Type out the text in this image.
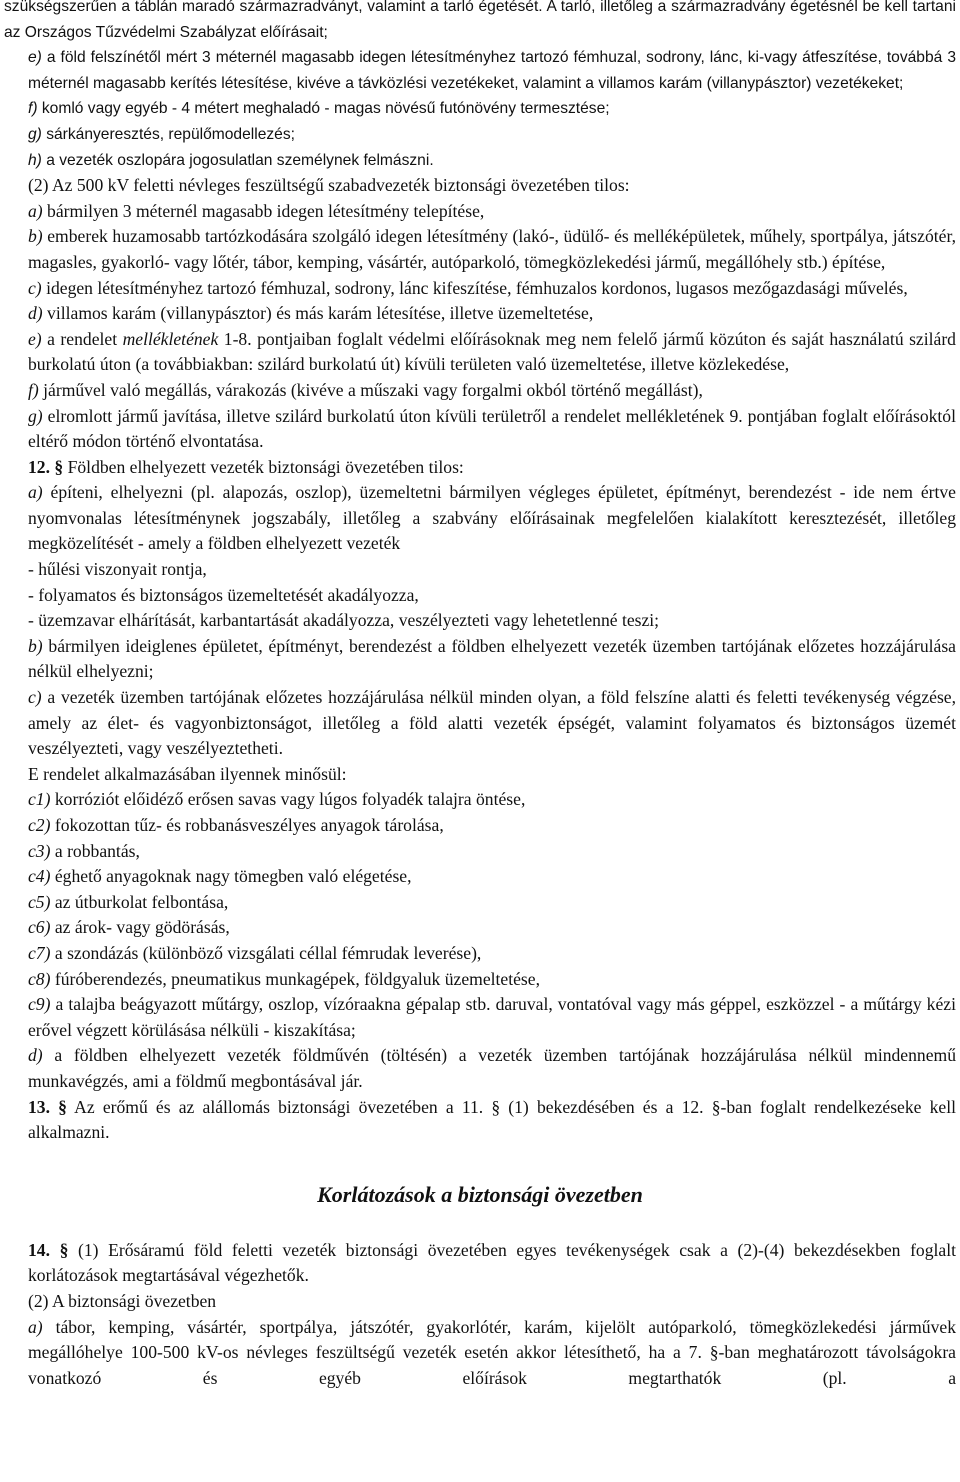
szükségszerűen a táblán maradó származradványt, valamint a tarló égetését. A tarló, illetőleg a származradvány égetésnél be kell tartani az Országos Tűzvédelmi Szabályzat előírásait;

e) a föld felszínétől mért 3 méternél magasabb idegen létesítményhez tartozó fémhuzal, sodrony, lánc, ki-vagy átfeszítése, továbbá 3 méternél magasabb kerítés létesítése, kivéve a távközlési vezetékeket, valamint a villamos karám (villanypásztor) vezetékeket;

f) komló vagy egyéb - 4 métert meghaladó - magas növésű futónövény termesztése;

g) sárkányeresztés, repülőmodellezés;

h) a vezeték oszlopára jogosulatlan személynek felmászni.

(2) Az 500 kV feletti névleges feszültségű szabadvezeték biztonsági övezetében tilos:

a) bármilyen 3 méternél magasabb idegen létesítmény telepítése,

b) emberek huzamosabb tartózkodására szolgáló idegen létesítmény (lakó-, üdülő- és melléképületek, műhely, sportpálya, játszótér, magasles, gyakorló- vagy lőtér, tábor, kemping, vásártér, autóparkoló, tömegközlekedési jármű, megállóhely stb.) építése,

c) idegen létesítményhez tartozó fémhuzal, sodrony, lánc kifeszítése, fémhuzalos kordonos, lugasos mezőgazdasági művelés,

d) villamos karám (villanypásztor) és más karám létesítése, illetve üzemeltetése,

e) a rendelet mellékletének 1-8. pontjaiban foglalt védelmi előírásoknak meg nem felelő jármű közúton és saját használatú szilárd burkolatú úton (a továbbiakban: szilárd burkolatú út) kívüli területen való üzemeltetése, illetve közlekedése,

f) járművel való megállás, várakozás (kivéve a műszaki vagy forgalmi okból történő megállást),

g) elromlott jármű javítása, illetve szilárd burkolatú úton kívüli területről a rendelet mellékletének 9. pontjában foglalt előírásoktól eltérő módon történő elvontatása.

12. § Földben elhelyezett vezeték biztonsági övezetében tilos:

a) építeni, elhelyezni (pl. alapozás, oszlop), üzemeltetni bármilyen végleges épületet, építményt, berendezést - ide nem értve nyomvonalas létesítménynek jogszabály, illetőleg a szabvány előírásainak megfelelően kialakított keresztezését, illetőleg megközelítését - amely a földben elhelyezett vezeték

- hűlési viszonyait rontja,

- folyamatos és biztonságos üzemeltetését akadályozza,

- üzemzavar elhárítását, karbantartását akadályozza, veszélyezteti vagy lehetetlenné teszi;

b) bármilyen ideiglenes épületet, építményt, berendezést a földben elhelyezett vezeték üzemben tartójának előzetes hozzájárulása nélkül elhelyezni;

c) a vezeték üzemben tartójának előzetes hozzájárulása nélkül minden olyan, a föld felszíne alatti és feletti tevékenység végzése, amely az élet- és vagyonbiztonságot, illetőleg a föld alatti vezeték épségét, valamint folyamatos és biztonságos üzemét veszélyezteti, vagy veszélyeztetheti.

E rendelet alkalmazásában ilyennek minősül:

c1) korróziót előidéző erősen savas vagy lúgos folyadék talajra öntése,

c2) fokozottan tűz- és robbanásveszélyes anyagok tárolása,

c3) a robbantás,

c4) éghető anyagoknak nagy tömegben való elégetése,

c5) az útburkolat felbontása,

c6) az árok- vagy gödörásás,

c7) a szondázás (különböző vizsgálati céllal fémrudak leverése),

c8) fúróberendezés, pneumatikus munkagépek, földgyaluk üzemeltetése,

c9) a talajba beágyazott műtárgy, oszlop, vízóraakna gépalap stb. daruval, vontatóval vagy más géppel, eszközzel - a műtárgy kézi erővel végzett körülásása nélküli - kiszakítása;

d) a földben elhelyezett vezeték földművén (töltésén) a vezeték üzemben tartójának hozzájárulása nélkül mindennemű munkavégzés, ami a földmű megbontásával jár.

13. § Az erőmű és az alállomás biztonsági övezetében a 11. § (1) bekezdésében és a 12. §-ban foglalt rendelkezéseke kell alkalmazni.

Korlátozások a biztonsági övezetben

14. § (1) Erősáramú föld feletti vezeték biztonsági övezetében egyes tevékenységek csak a (2)-(4) bekezdésekben foglalt korlátozások megtartásával végezhetők.

(2) A biztonsági övezetben

a) tábor, kemping, vásártér, sportpálya, játszótér, gyakorlótér, karám, kijelölt autóparkoló, tömegközlekedési járművek megállóhelye 100-500 kV-os névleges feszültségű vezeték esetén akkor létesíthető, ha a 7. §-ban meghatározott távolságokra vonatkozó és egyéb előírások megtarthatók (pl. a
